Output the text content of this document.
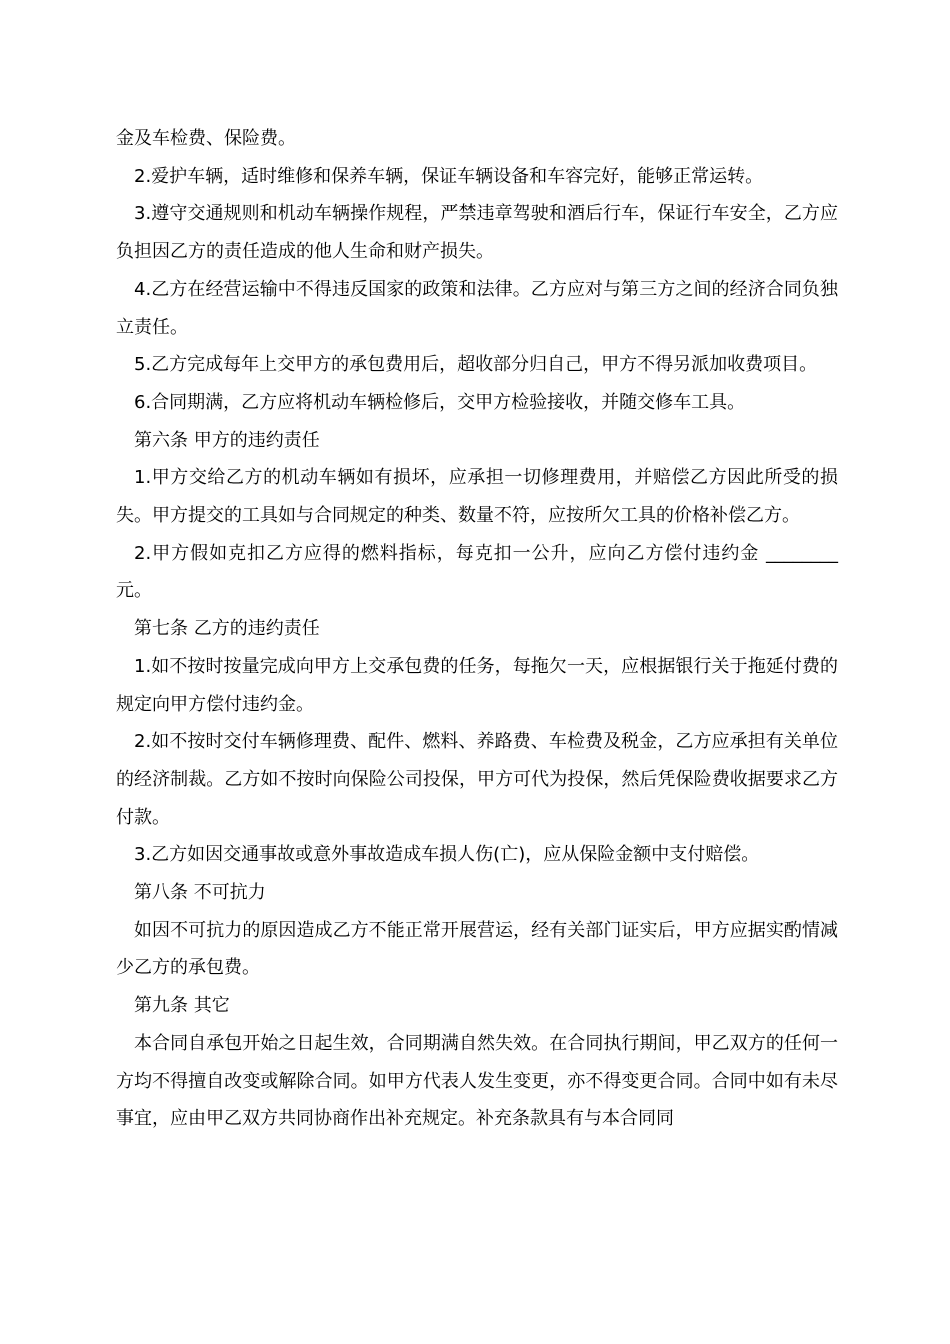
金及车检费、保险费。

2.爱护车辆，适时维修和保养车辆，保证车辆设备和车容完好，能够正常运转。

3.遵守交通规则和机动车辆操作规程，严禁违章驾驶和酒后行车，保证行车安全，乙方应负担因乙方的责任造成的他人生命和财产损失。

4.乙方在经营运输中不得违反国家的政策和法律。乙方应对与第三方之间的经济合同负独立责任。

5.乙方完成每年上交甲方的承包费用后，超收部分归自己，甲方不得另派加收费项目。

6.合同期满，乙方应将机动车辆检修后，交甲方检验接收，并随交修车工具。

第六条 甲方的违约责任

1.甲方交给乙方的机动车辆如有损坏，应承担一切修理费用，并赔偿乙方因此所受的损失。甲方提交的工具如与合同规定的种类、数量不符，应按所欠工具的价格补偿乙方。

2.甲方假如克扣乙方应得的燃料指标，每克扣一公升，应向乙方偿付违约金 ________元。

第七条 乙方的违约责任

1.如不按时按量完成向甲方上交承包费的任务，每拖欠一天，应根据银行关于拖延付费的规定向甲方偿付违约金。

2.如不按时交付车辆修理费、配件、燃料、养路费、车检费及税金，乙方应承担有关单位的经济制裁。乙方如不按时向保险公司投保，甲方可代为投保，然后凭保险费收据要求乙方付款。

3.乙方如因交通事故或意外事故造成车损人伤(亡)，应从保险金额中支付赔偿。

第八条 不可抗力

如因不可抗力的原因造成乙方不能正常开展营运，经有关部门证实后，甲方应据实酌情减少乙方的承包费。

第九条 其它

本合同自承包开始之日起生效，合同期满自然失效。在合同执行期间，甲乙双方的任何一方均不得擅自改变或解除合同。如甲方代表人发生变更，亦不得变更合同。合同中如有未尽事宜，应由甲乙双方共同协商作出补充规定。补充条款具有与本合同同
